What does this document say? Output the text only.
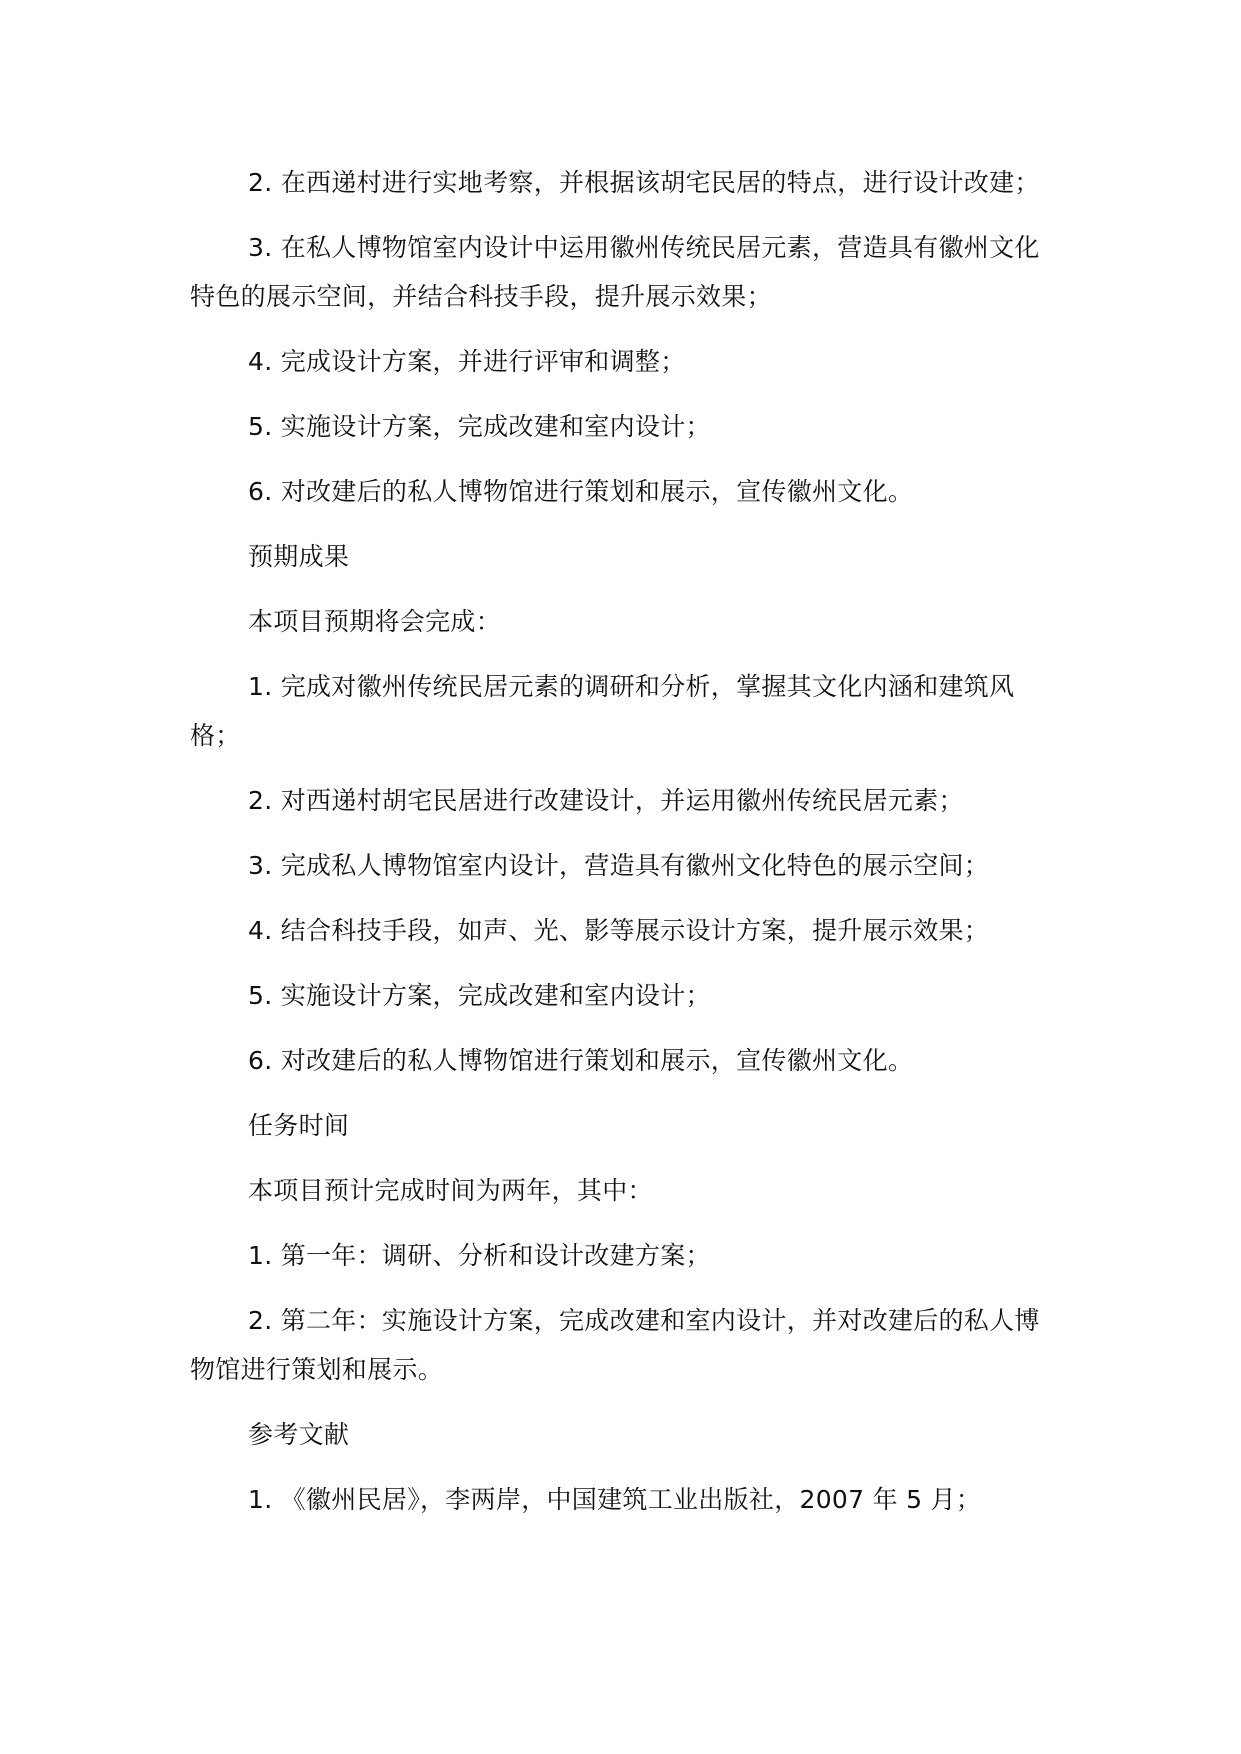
2. 在西递村进行实地考察，并根据该胡宅民居的特点，进行设计改建；

3. 在私人博物馆室内设计中运用徽州传统民居元素，营造具有徽州文化特色的展示空间，并结合科技手段，提升展示效果；

4. 完成设计方案，并进行评审和调整；

5. 实施设计方案，完成改建和室内设计；

6. 对改建后的私人博物馆进行策划和展示，宣传徽州文化。

预期成果

本项目预期将会完成：

1. 完成对徽州传统民居元素的调研和分析，掌握其文化内涵和建筑风格；

2. 对西递村胡宅民居进行改建设计，并运用徽州传统民居元素；

3. 完成私人博物馆室内设计，营造具有徽州文化特色的展示空间；

4. 结合科技手段，如声、光、影等展示设计方案，提升展示效果；

5. 实施设计方案，完成改建和室内设计；

6. 对改建后的私人博物馆进行策划和展示，宣传徽州文化。

任务时间

本项目预计完成时间为两年，其中：

1. 第一年：调研、分析和设计改建方案；

2. 第二年：实施设计方案，完成改建和室内设计，并对改建后的私人博物馆进行策划和展示。

参考文献

1. 《徽州民居》，李两岸，中国建筑工业出版社，2007 年 5 月；
